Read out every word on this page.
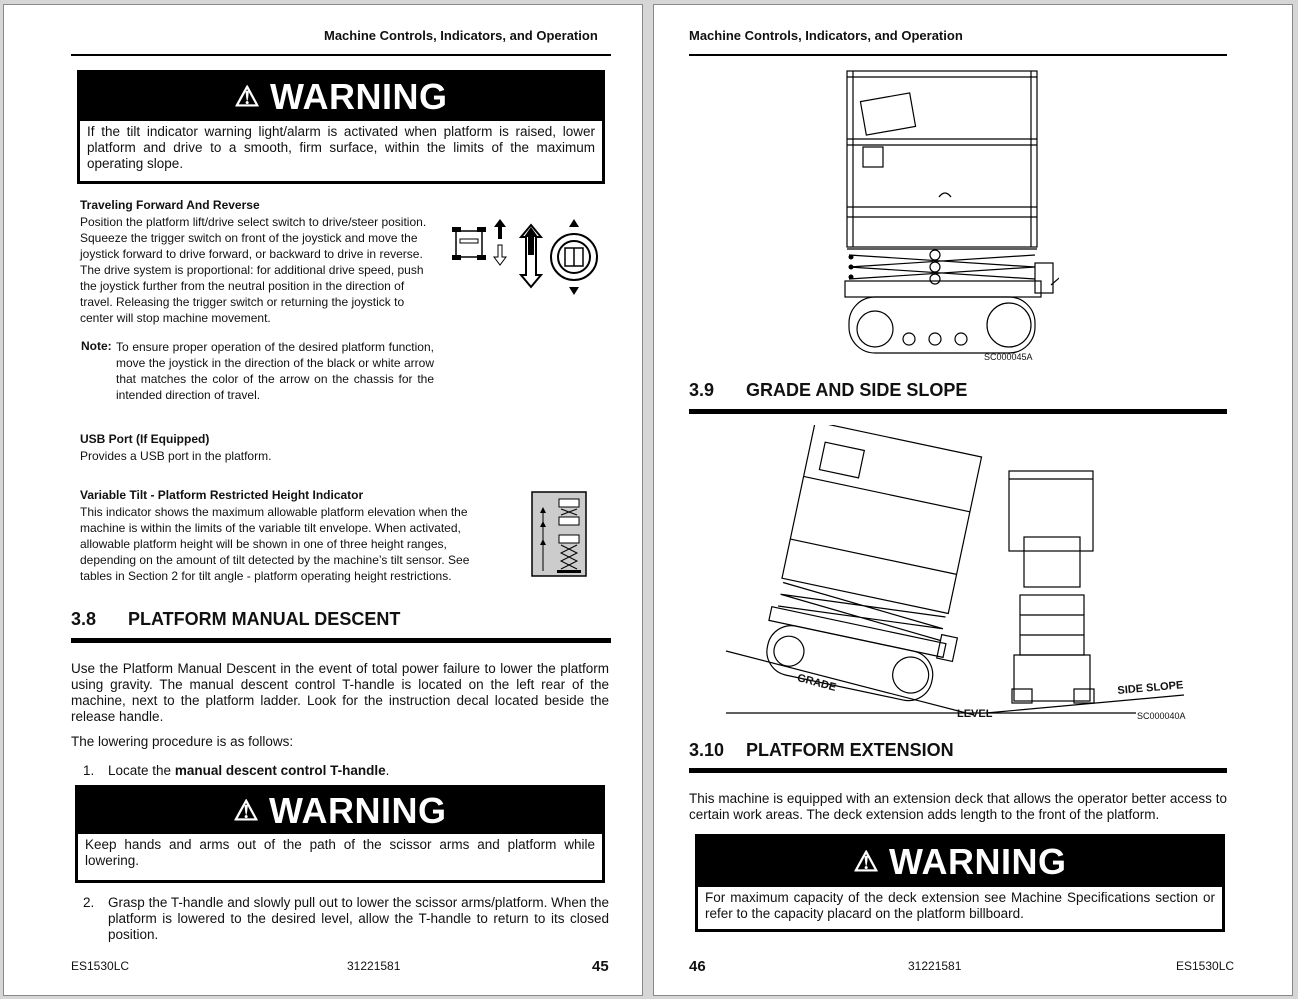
Machine Controls, Indicators, and Operation
⚠ WARNING
If the tilt indicator warning light/alarm is activated when platform is raised, lower platform and drive to a smooth, firm surface, within the limits of the maximum operating slope.
Traveling Forward And Reverse
Position the platform lift/drive select switch to drive/steer position. Squeeze the trigger switch on front of the joystick and move the joystick forward to drive forward, or backward to drive in reverse.
The drive system is proportional: for additional drive speed, push the joystick further from the neutral position in the direction of travel. Releasing the trigger switch or returning the joystick to center will stop machine movement.
Note: To ensure proper operation of the desired platform function, move the joystick in the direction of the black or white arrow that matches the color of the arrow on the chassis for the intended direction of travel.
USB Port (If Equipped)
Provides a USB port in the platform.
Variable Tilt - Platform Restricted Height Indicator
This indicator shows the maximum allowable platform elevation when the machine is within the limits of the variable tilt envelope. When activated, allowable platform height will be shown in one of three height ranges, depending on the amount of tilt detected by the machine’s tilt sensor. See tables in Section 2 for tilt angle - platform operating height restrictions.
3.8 PLATFORM MANUAL DESCENT
Use the Platform Manual Descent in the event of total power failure to lower the platform using gravity. The manual descent control T-handle is located on the left rear of the machine, next to the platform ladder. Look for the instruction decal located beside the release handle.
The lowering procedure is as follows:
1. Locate the manual descent control T-handle.
⚠ WARNING
Keep hands and arms out of the path of the scissor arms and platform while lowering.
2. Grasp the T-handle and slowly pull out to lower the scissor arms/platform. When the platform is lowered to the desired level, allow the T-handle to return to its closed position.
ES1530LC	31221581	45
Machine Controls, Indicators, and Operation
SC000045A
3.9 GRADE AND SIDE SLOPE
GRADE
LEVEL
SIDE SLOPE
SC000040A
3.10 PLATFORM EXTENSION
This machine is equipped with an extension deck that allows the operator better access to certain work areas. The deck extension adds length to the front of the platform.
⚠ WARNING
For maximum capacity of the deck extension see Machine Specifications section or refer to the capacity placard on the platform billboard.
46	31221581	ES1530LC
